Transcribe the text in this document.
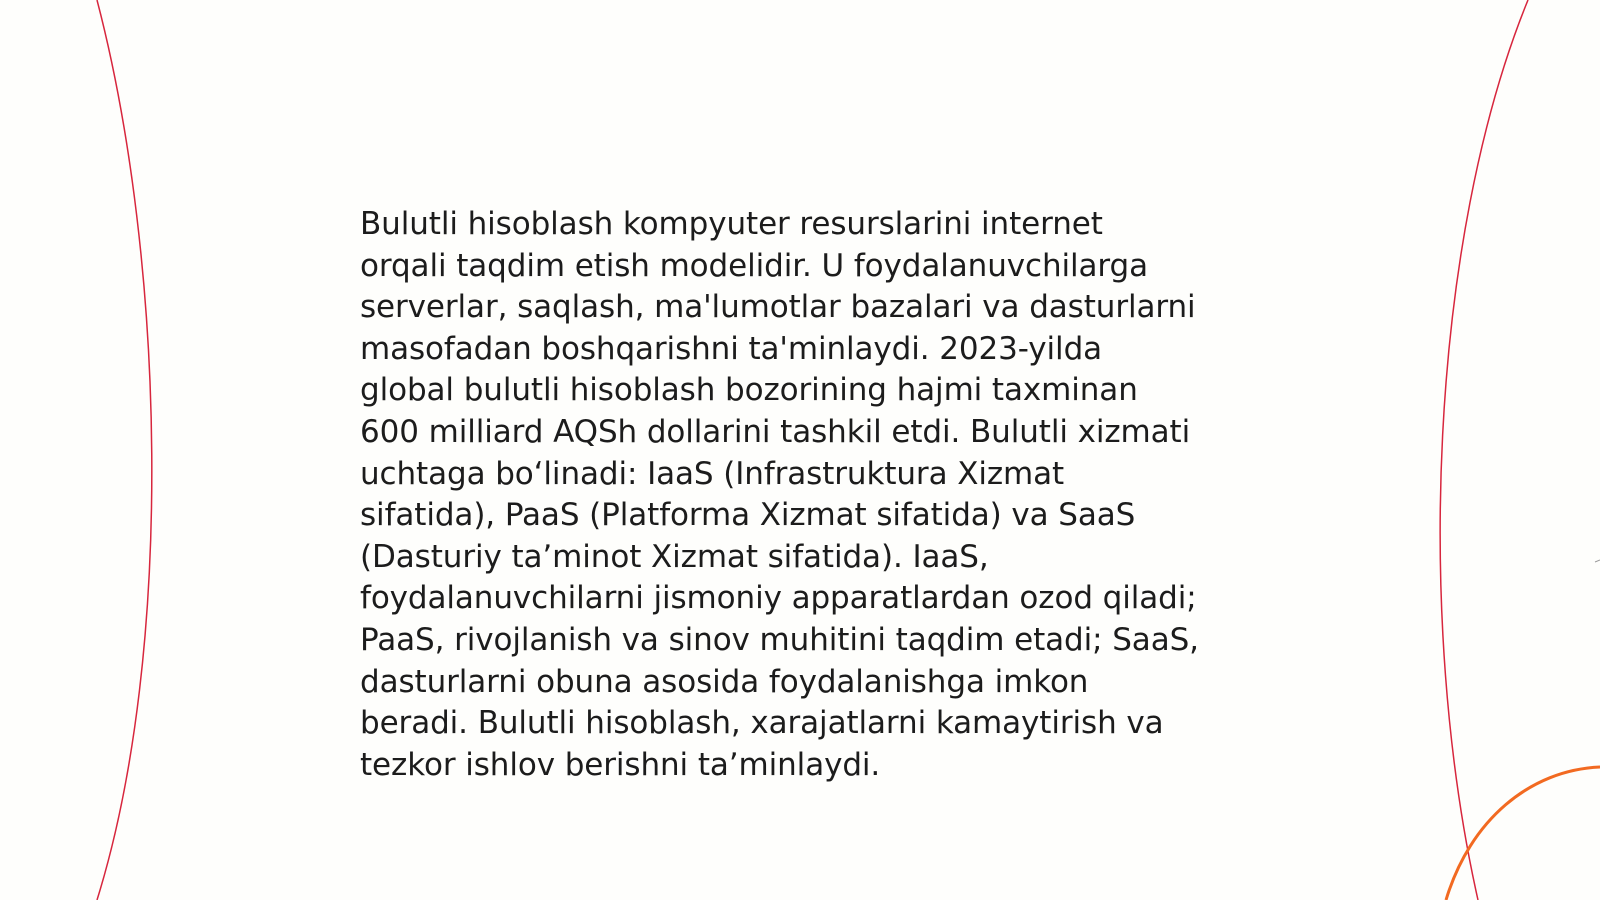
Bulutli hisoblash kompyuter resurslarini internet
orqali taqdim etish modelidir. U foydalanuvchilarga
serverlar, saqlash, ma'lumotlar bazalari va dasturlarni
masofadan boshqarishni ta'minlaydi. 2023-yilda
global bulutli hisoblash bozorining hajmi taxminan
600 milliard AQSh dollarini tashkil etdi. Bulutli xizmati
uchtaga bo‘linadi: IaaS (Infrastruktura Xizmat
sifatida), PaaS (Platforma Xizmat sifatida) va SaaS
(Dasturiy ta’minot Xizmat sifatida). IaaS,
foydalanuvchilarni jismoniy apparatlardan ozod qiladi;
PaaS, rivojlanish va sinov muhitini taqdim etadi; SaaS,
dasturlarni obuna asosida foydalanishga imkon
beradi. Bulutli hisoblash, xarajatlarni kamaytirish va
tezkor ishlov berishni ta’minlaydi.
